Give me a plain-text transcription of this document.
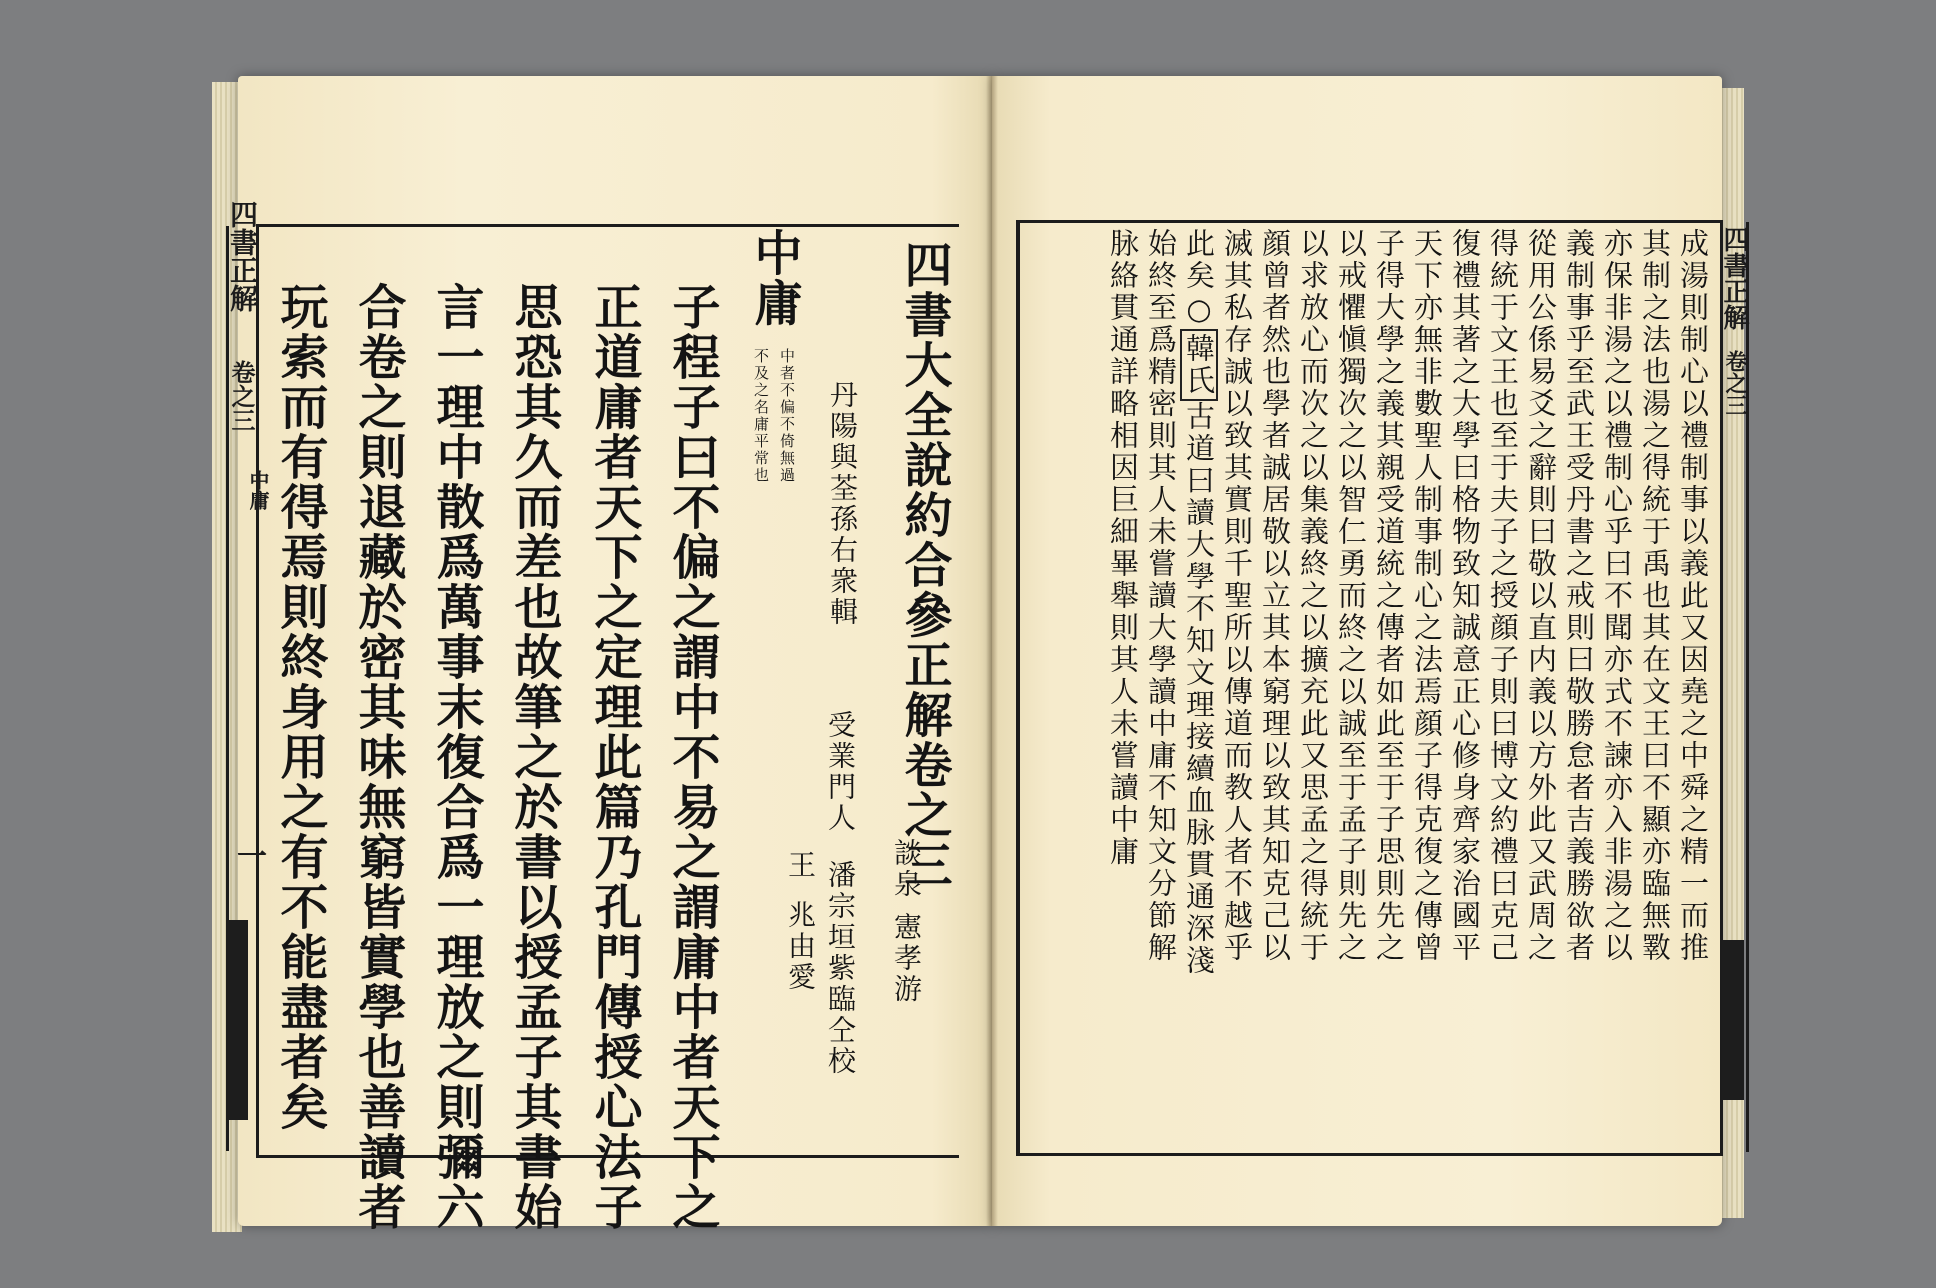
四書正解
卷之三
中庸
一	四書大全說約合參正解卷之三
中庸
中者不偏不倚無過
不及之名庸平常也 丹陽與荃孫右衆輯
談泉 憲孝游
受業門人
潘宗垣紫臨仝校
王
兆由愛
子程子曰不偏之謂中不易之謂庸中者天下之
正道庸者天下之定理此篇乃孔門傳授心法子
思恐其久而差也故筆之於書以授孟子其書始
言一理中散爲萬事末復合爲一理放之則彌六
合卷之則退藏於密其味無窮皆實學也善讀者
玩索而有得焉則終身用之有不能盡者矣
四書正解
卷之三
成湯則制心以禮制事以義此又因堯之中舜之精一而推
其制之法也湯之得統于禹也其在文王曰不顯亦臨無斁
亦保非湯之以禮制心乎曰不聞亦式不諫亦入非湯之以
義制事乎至武王受丹書之戒則曰敬勝怠者吉義勝欲者
從用公係易爻之辭則曰敬以直内義以方外此又武周之
得統于文王也至于夫子之授顔子則曰博文約禮曰克己
復禮其著之大學曰格物致知誠意正心修身齊家治國平
天下亦無非數聖人制事制心之法焉顔子得克復之傳曾
子得大學之義其親受道統之傳者如此至于子思則先之
以戒懼愼獨次之以智仁勇而終之以誠至于孟子則先之
以求放心而次之以集義終之以擴充此又思孟之得統于
顔曾者然也學者誠居敬以立其本窮理以致其知克己以
滅其私存誠以致其實則千聖所以傳道而教人者不越乎
此矣○韓氏古道曰讀大學不知文理接續血脉貫通深淺
始終至爲精密則其人未嘗讀大學讀中庸不知文分節解
脉絡貫通詳略相因巨細畢舉則其人未嘗讀中庸
